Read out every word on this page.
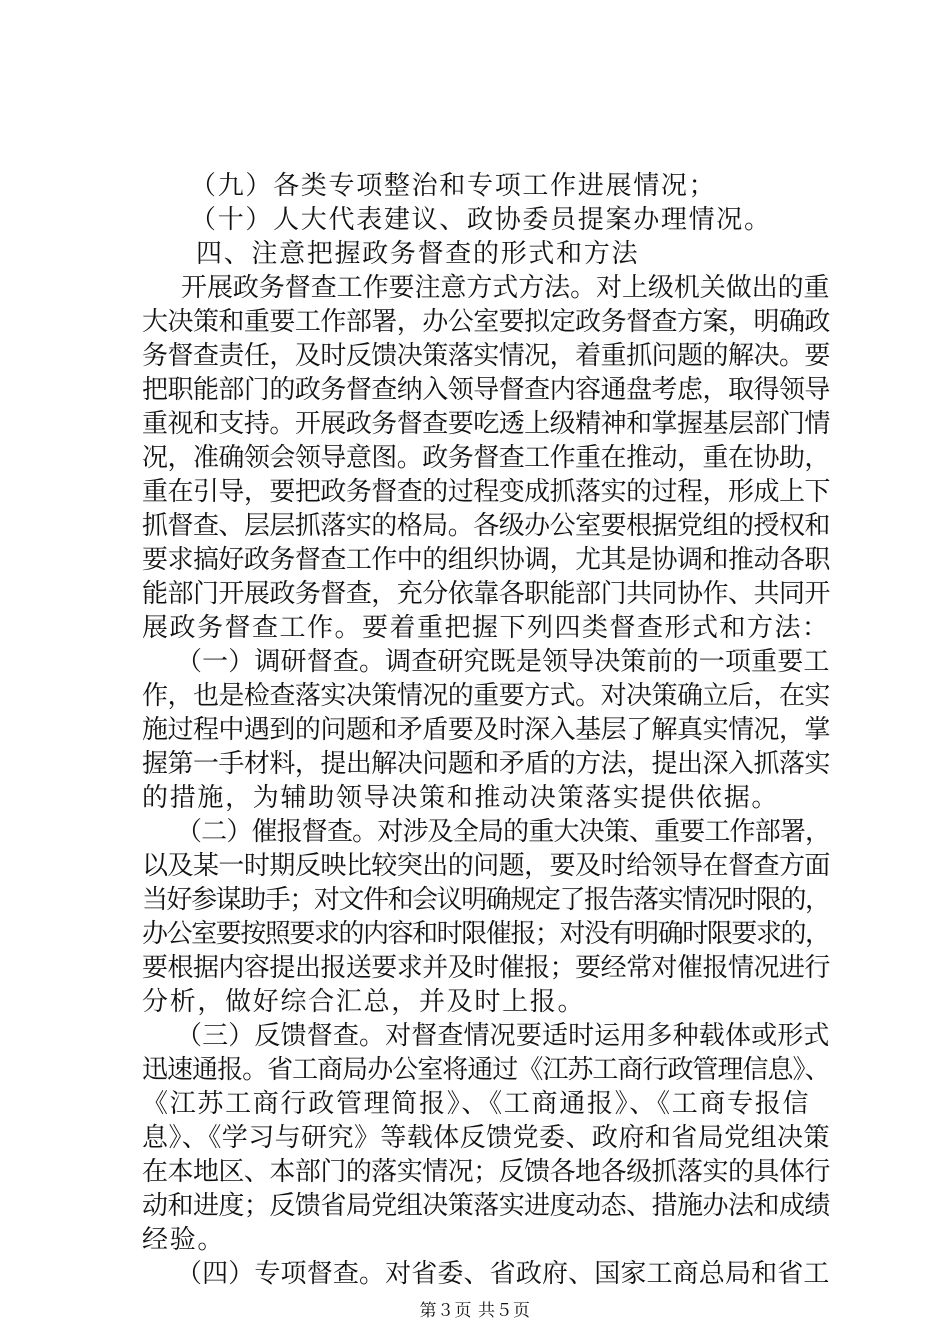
（九）各类专项整治和专项工作进展情况；

（十）人大代表建议、政协委员提案办理情况。

四、注意把握政务督查的形式和方法

开展政务督查工作要注意方式方法。对上级机关做出的重

大决策和重要工作部署，办公室要拟定政务督查方案，明确政

务督查责任，及时反馈决策落实情况，着重抓问题的解决。要

把职能部门的政务督查纳入领导督查内容通盘考虑，取得领导

重视和支持。开展政务督查要吃透上级精神和掌握基层部门情

况，准确领会领导意图。政务督查工作重在推动，重在协助，

重在引导，要把政务督查的过程变成抓落实的过程，形成上下

抓督查、层层抓落实的格局。各级办公室要根据党组的授权和

要求搞好政务督查工作中的组织协调，尤其是协调和推动各职

能部门开展政务督查，充分依靠各职能部门共同协作、共同开

展政务督查工作。要着重把握下列四类督查形式和方法：

（一）调研督查。调查研究既是领导决策前的一项重要工

作，也是检查落实决策情况的重要方式。对决策确立后，在实

施过程中遇到的问题和矛盾要及时深入基层了解真实情况，掌

握第一手材料，提出解决问题和矛盾的方法，提出深入抓落实

的措施，为辅助领导决策和推动决策落实提供依据。

（二）催报督查。对涉及全局的重大决策、重要工作部署，

以及某一时期反映比较突出的问题，要及时给领导在督查方面

当好参谋助手；对文件和会议明确规定了报告落实情况时限的，

办公室要按照要求的内容和时限催报；对没有明确时限要求的，

要根据内容提出报送要求并及时催报；要经常对催报情况进行

分析，做好综合汇总，并及时上报。

（三）反馈督查。对督查情况要适时运用多种载体或形式

迅速通报。省工商局办公室将通过《江苏工商行政管理信息》、

《江苏工商行政管理简报》、《工商通报》、《工商专报信

息》、《学习与研究》等载体反馈党委、政府和省局党组决策

在本地区、本部门的落实情况；反馈各地各级抓落实的具体行

动和进度；反馈省局党组决策落实进度动态、措施办法和成绩

经验。

（四）专项督查。对省委、省政府、国家工商总局和省工

第３页 共５页
